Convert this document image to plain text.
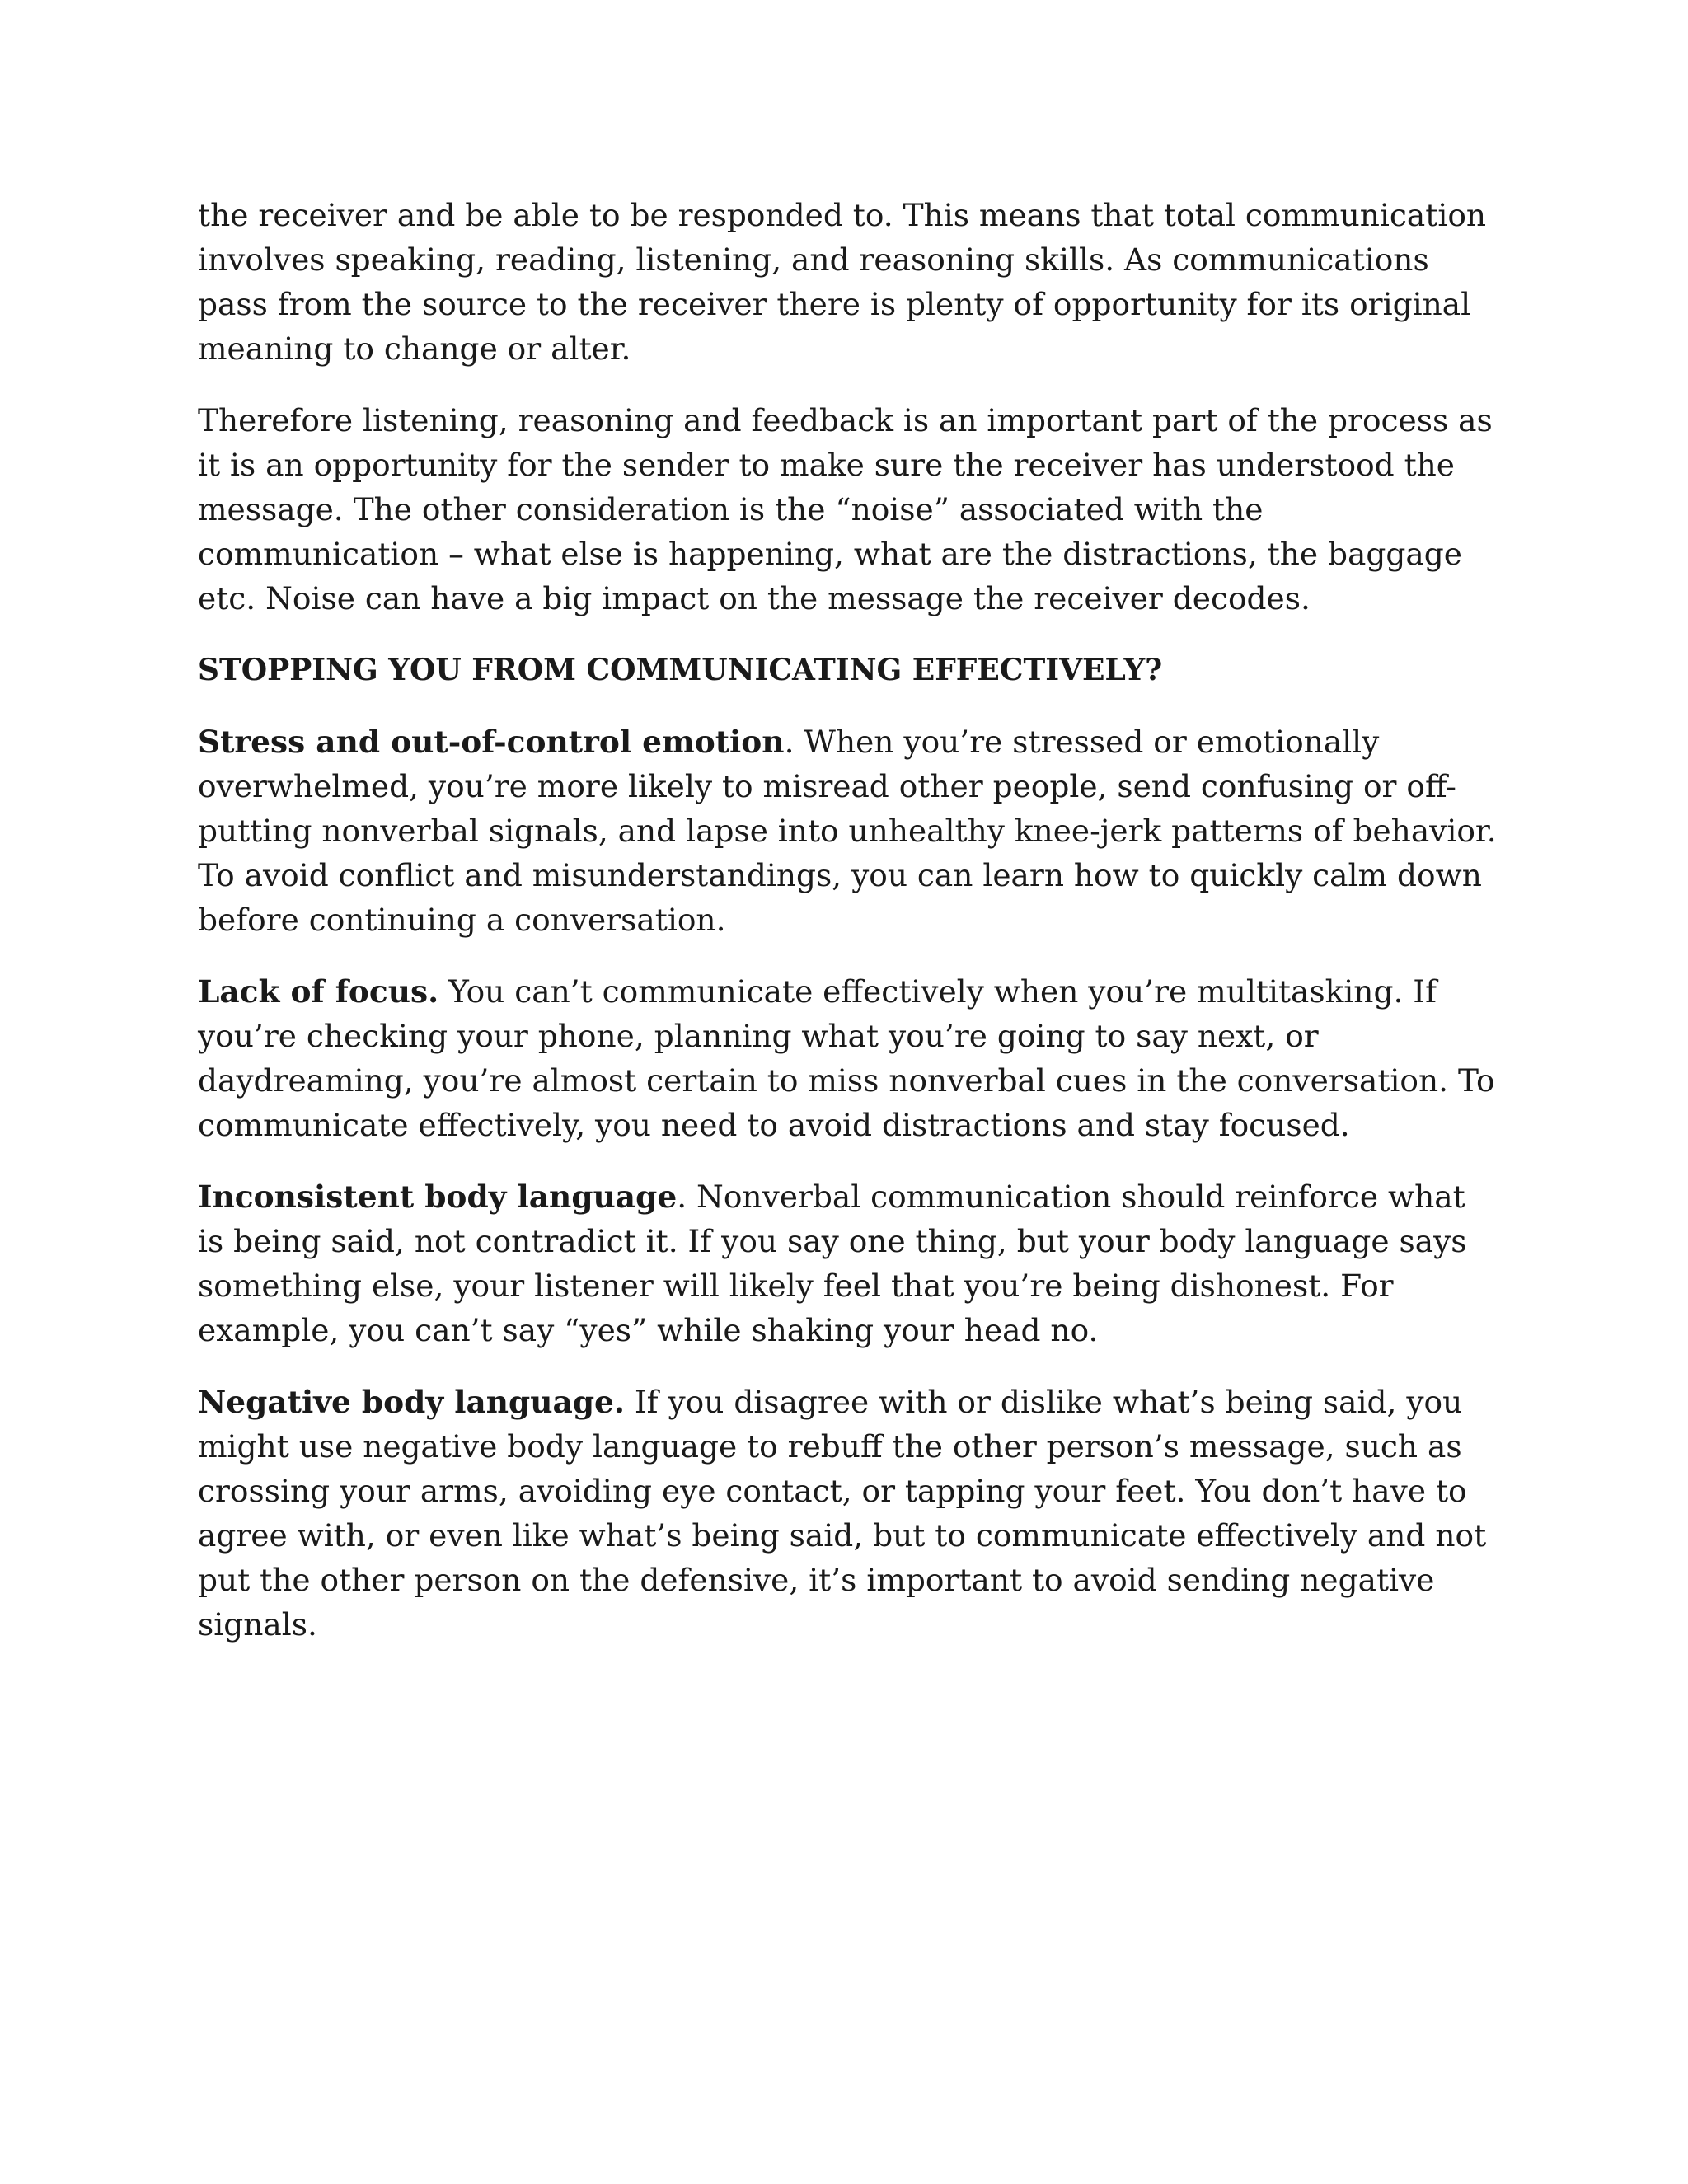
the receiver and be able to be responded to. This means that total communication involves speaking, reading, listening, and reasoning skills. As communications pass from the source to the receiver there is plenty of opportunity for its original meaning to change or alter.

Therefore listening, reasoning and feedback is an important part of the process as it is an opportunity for the sender to make sure the receiver has understood the message. The other consideration is the “noise” associated with the communication – what else is happening, what are the distractions, the baggage etc. Noise can have a big impact on the message the receiver decodes.

STOPPING YOU FROM COMMUNICATING EFFECTIVELY?

Stress and out-of-control emotion. When you’re stressed or emotionally overwhelmed, you’re more likely to misread other people, send confusing or off-putting nonverbal signals, and lapse into unhealthy knee-jerk patterns of behavior. To avoid conflict and misunderstandings, you can learn how to quickly calm down before continuing a conversation.

Lack of focus. You can’t communicate effectively when you’re multitasking. If you’re checking your phone, planning what you’re going to say next, or daydreaming, you’re almost certain to miss nonverbal cues in the conversation. To communicate effectively, you need to avoid distractions and stay focused.

Inconsistent body language. Nonverbal communication should reinforce what is being said, not contradict it. If you say one thing, but your body language says something else, your listener will likely feel that you’re being dishonest. For example, you can’t say “yes” while shaking your head no.

Negative body language. If you disagree with or dislike what’s being said, you might use negative body language to rebuff the other person’s message, such as crossing your arms, avoiding eye contact, or tapping your feet. You don’t have to agree with, or even like what’s being said, but to communicate effectively and not put the other person on the defensive, it’s important to avoid sending negative signals.
